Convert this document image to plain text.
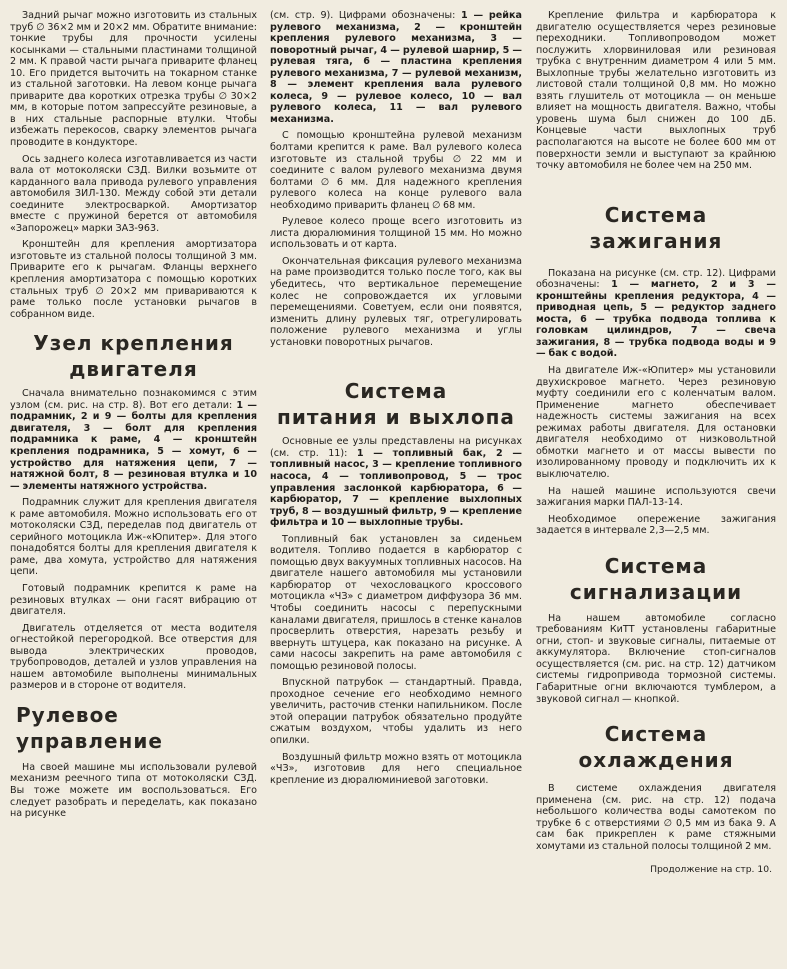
Задний рычаг можно изготовить из стальных труб ∅ 36×2 мм и 20×2 мм. Обратите внимание: тонкие трубы для прочности усилены косынками — стальными пластинами толщиной 2 мм. К правой части рычага приварите фланец 10. Его придется выточить на токарном станке из стальной заготовки. На левом конце рычага приварите два коротких отрезка трубы ∅ 30×2 мм, в которые потом запрессуйте резиновые, а в них стальные распорные втулки. Чтобы избежать перекосов, сварку элементов рычага проводите в кондукторе.

Ось заднего колеса изготавливается из части вала от мотоколяски СЗД. Вилки возьмите от карданного вала привода рулевого управления автомобиля ЗИЛ-130. Между собой эти детали соедините электросваркой. Амортизатор вместе с пружиной берется от автомобиля «Запорожец» марки ЗАЗ-963.

Кронштейн для крепления амортизатора изготовьте из стальной полосы толщиной 3 мм. Приварите его к рычагам. Фланцы верхнего крепления амортизатора с помощью коротких стальных труб ∅ 20×2 мм привариваются к раме только после установки рычагов в собранном виде.

Узел крепления
двигателя

Сначала внимательно познакомимся с этим узлом (см. рис. на стр. 8). Вот его детали: 1 — подрамник, 2 и 9 — болты для крепления двигателя, 3 — болт для крепления подрамника к раме, 4 — кронштейн крепления подрамника, 5 — хомут, 6 — устройство для натяжения цепи, 7 — натяжной болт, 8 — резиновая втулка и 10 — элементы натяжного устройства.

Подрамник служит для крепления двигателя к раме автомобиля. Можно использовать его от мотоколяски СЗД, переделав под двигатель от серийного мотоцикла Иж-«Юпитер». Для этого понадобятся болты для крепления двигателя к раме, два хомута, устройство для натяжения цепи.

Готовый подрамник крепится к раме на резиновых втулках — они гасят вибрацию от двигателя.

Двигатель отделяется от места водителя огнестойкой перегородкой. Все отверстия для вывода электрических проводов, трубопроводов, деталей и узлов управления на нашем автомобиле выполнены минимальных размеров и в стороне от водителя.

Рулевое управление

На своей машине мы использовали рулевой механизм реечного типа от мотоколяски СЗД. Вы тоже можете им воспользоваться. Его следует разобрать и переделать, как показано на рисунке

(см. стр. 9). Цифрами обозначены: 1 — рейка рулевого механизма, 2 — кронштейн крепления рулевого механизма, 3 — поворотный рычаг, 4 — рулевой шарнир, 5 — рулевая тяга, 6 — пластина крепления рулевого механизма, 7 — рулевой механизм, 8 — элемент крепления вала рулевого колеса, 9 — рулевое колесо, 10 — вал рулевого колеса, 11 — вал рулевого механизма.

С помощью кронштейна рулевой механизм болтами крепится к раме. Вал рулевого колеса изготовьте из стальной трубы ∅ 22 мм и соедините с валом рулевого механизма двумя болтами ∅ 6 мм. Для надежного крепления рулевого колеса на конце рулевого вала необходимо приварить фланец ∅ 68 мм.

Рулевое колесо проще всего изготовить из листа дюралюминия толщиной 15 мм. Но можно использовать и от карта.

Окончательная фиксация рулевого механизма на раме производится только после того, как вы убедитесь, что вертикальное перемещение колес не сопровождается их угловыми перемещениями. Советуем, если они появятся, изменить длину рулевых тяг, отрегулировать положение рулевого механизма и углы установки поворотных рычагов.

Система
питания и выхлопа

Основные ее узлы представлены на рисунках (см. стр. 11): 1 — топливный бак, 2 — топливный насос, 3 — крепление топливного насоса, 4 — топливопровод, 5 — трос управления заслонкой карбюратора, 6 — карбюратор, 7 — крепление выхлопных труб, 8 — воздушный фильтр, 9 — крепление фильтра и 10 — выхлопные трубы.

Топливный бак установлен за сиденьем водителя. Топливо подается в карбюратор с помощью двух вакуумных топливных насосов. На двигателе нашего автомобиля мы установили карбюратор от чехословацкого кроссового мотоцикла «ЧЗ» с диаметром диффузора 36 мм. Чтобы соединить насосы с перепускными каналами двигателя, пришлось в стенке каналов просверлить отверстия, нарезать резьбу и ввернуть штуцера, как показано на рисунке. А сами насосы закрепить на раме автомобиля с помощью резиновой полосы.

Впускной патрубок — стандартный. Правда, проходное сечение его необходимо немного увеличить, расточив стенки напильником. После этой операции патрубок обязательно продуйте сжатым воздухом, чтобы удалить из него опилки.

Воздушный фильтр можно взять от мотоцикла «ЧЗ», изготовив для него специальное крепление из дюралюминиевой заготовки.

Крепление фильтра и карбюратора к двигателю осуществляется через резиновые переходники. Топливопроводом может послужить хлорвиниловая или резиновая трубка с внутренним диаметром 4 или 5 мм. Выхлопные трубы желательно изготовить из листовой стали толщиной 0,8 мм. Но можно взять глушитель от мотоцикла — он меньше влияет на мощность двигателя. Важно, чтобы уровень шума был снижен до 100 дБ. Концевые части выхлопных труб располагаются на высоте не более 600 мм от поверхности земли и выступают за крайнюю точку автомобиля не более чем на 250 мм.

Система зажигания

Показана на рисунке (см. стр. 12). Цифрами обозначены: 1 — магнето, 2 и 3 — кронштейны крепления редуктора, 4 — приводная цепь, 5 — редуктор заднего моста, 6 — трубка подвода топлива к головкам цилиндров, 7 — свеча зажигания, 8 — трубка подвода воды и 9 — бак с водой.

На двигателе Иж-«Юпитер» мы установили двухискровое магнето. Через резиновую муфту соединили его с коленчатым валом. Применение магнето обеспечивает надежность системы зажигания на всех режимах работы двигателя. Для остановки двигателя необходимо от низковольтной обмотки магнето и от массы вывести по изолированному проводу и подключить их к выключателю.

На нашей машине используются свечи зажигания марки ПАЛ-13-14.

Необходимое опережение зажигания задается в интервале 2,3—2,5 мм.

Система
сигнализации

На нашем автомобиле согласно требованиям КиТТ установлены габаритные огни, стоп- и звуковые сигналы, питаемые от аккумулятора. Включение стоп-сигналов осуществляется (см. рис. на стр. 12) датчиком системы гидропривода тормозной системы. Габаритные огни включаются тумблером, а звуковой сигнал — кнопкой.

Система охлаждения

В системе охлаждения двигателя применена (см. рис. на стр. 12) подача небольшого количества воды самотеком по трубке 6 с отверстиями ∅ 0,5 мм из бака 9. А сам бак прикреплен к раме стяжными хомутами из стальной полосы толщиной 2 мм.

Продолжение на стр. 10.
